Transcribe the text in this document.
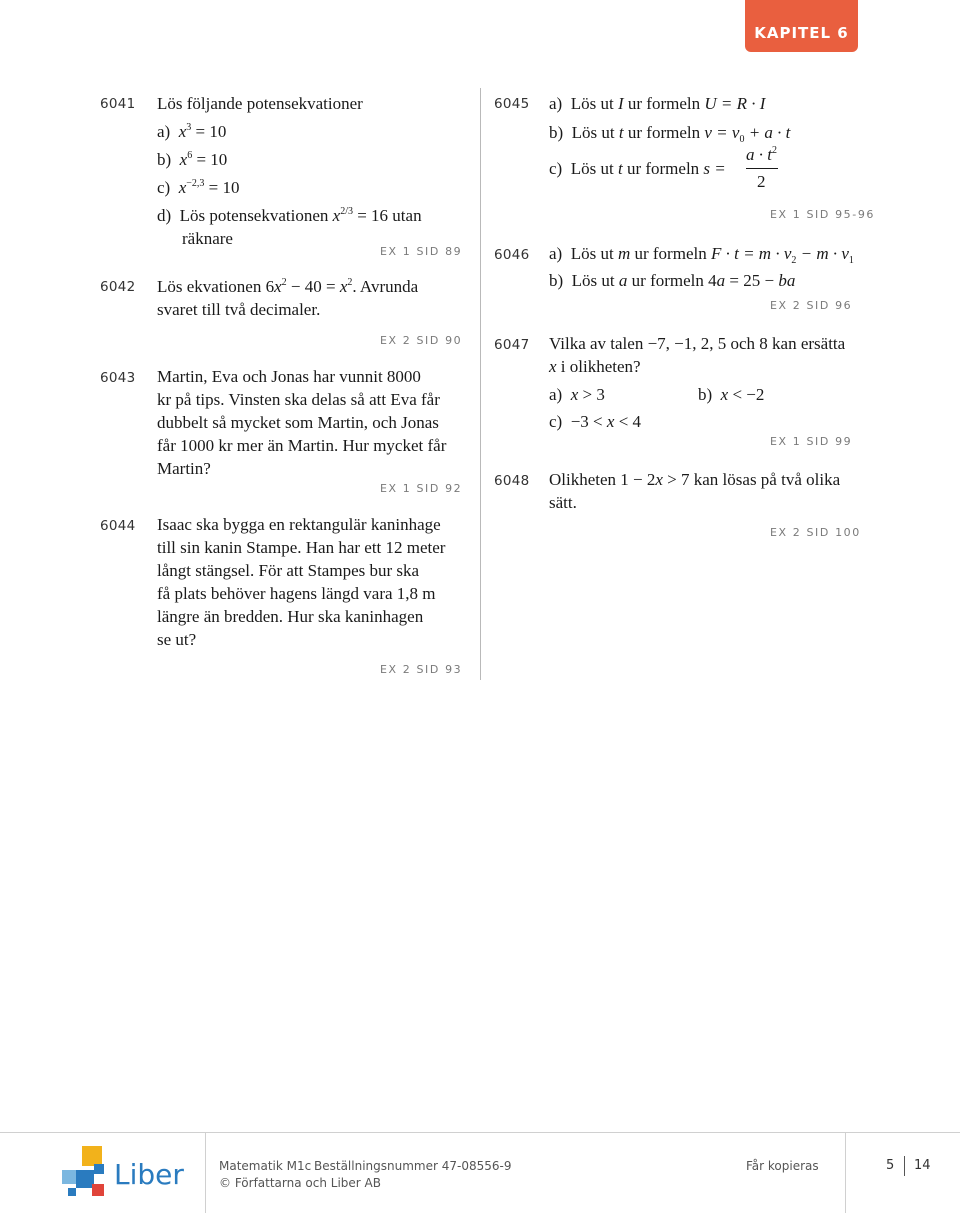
KAPITEL 6
6041 Lös följande potensekvationer
a) $x^3 = 10$
b) $x^6 = 10$
c) $x^{-2,3} = 10$
d) Lös potensekvationen $x^{2/3} = 16$ utan
räknare
EX 1 SID 89
6042 Lös ekvationen $6x^2 - 40 = x^2$. Avrunda
svaret till två decimaler.
EX 2 SID 90
6043 Martin, Eva och Jonas har vunnit 8000
kr på tips. Vinsten ska delas så att Eva får
dubbelt så mycket som Martin, och Jonas
får 1000 kr mer än Martin. Hur mycket får
Martin?
EX 1 SID 92
6044 Isaac ska bygga en rektangulär kaninhage
till sin kanin Stampe. Han har ett 12 meter
långt stängsel. För att Stampes bur ska
få plats behöver hagens längd vara 1,8 m
längre än bredden. Hur ska kaninhagen
se ut?
EX 2 SID 93
6045 a) Lös ut I ur formeln U = R · I
b) Lös ut t ur formeln $v = v_0 + a \cdot t$
c) Lös ut t ur formeln s =
$a \cdot t^2$
2
EX 1 SID 95-96
6046 a) Lös ut m ur formeln $F \cdot t = m \cdot v_2 - m \cdot v_1$
b) Lös ut a ur formeln 4a = 25 − ba
EX 2 SID 96
6047 Vilka av talen −7, −1, 2, 5 och 8 kan ersätta
x i olikheten?
a) x > 3	b) x < −2
c) −3 < x < 4
EX 1 SID 99
6048 Olikheten 1 − 2x > 7 kan lösas på två olika
sätt.
EX 2 SID 100
Liber	Matematik M1c Beställningsnummer 47-08556-9
© Författarna och Liber AB
Får kopieras	5 14
